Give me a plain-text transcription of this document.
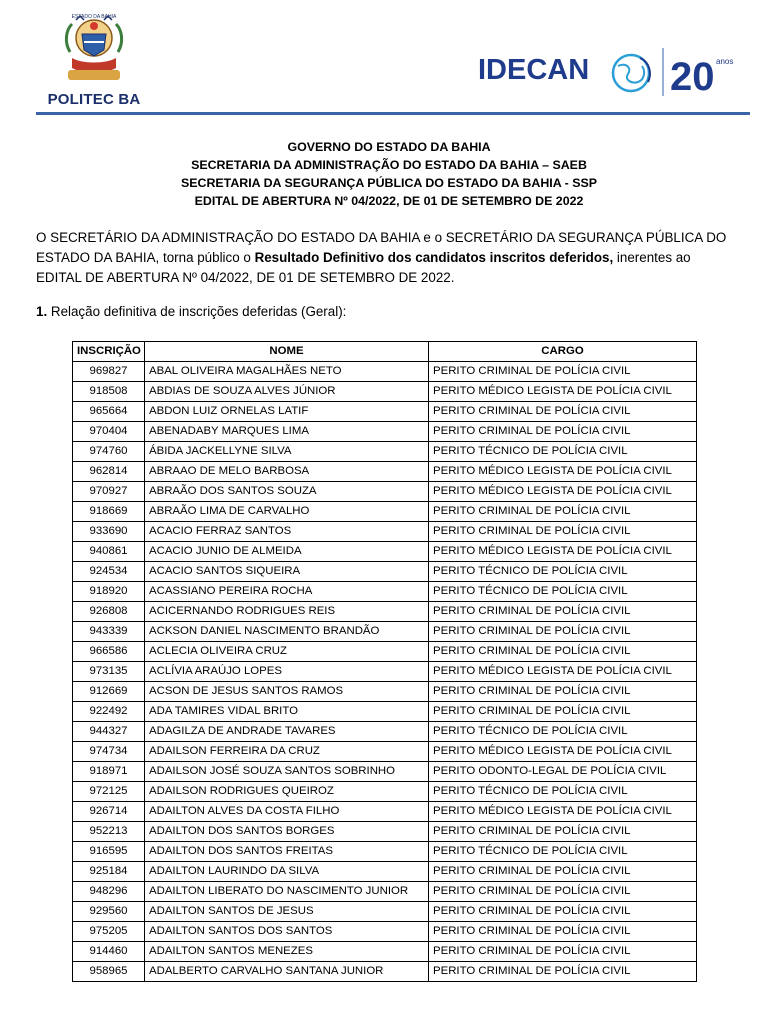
ESTADO DA BAHIA
POLITEC BA
IDECAN 20 anos
GOVERNO DO ESTADO DA BAHIA
SECRETARIA DA ADMINISTRAÇÃO DO ESTADO DA BAHIA – SAEB
SECRETARIA DA SEGURANÇA PÚBLICA DO ESTADO DA BAHIA - SSP
EDITAL DE ABERTURA Nº 04/2022, DE 01 DE SETEMBRO DE 2022
O SECRETÁRIO DA ADMINISTRAÇÃO DO ESTADO DA BAHIA e o SECRETÁRIO DA SEGURANÇA PÚBLICA DO ESTADO DA BAHIA, torna público o Resultado Definitivo dos candidatos inscritos deferidos, inerentes ao EDITAL DE ABERTURA Nº 04/2022, DE 01 DE SETEMBRO DE 2022.
1. Relação definitiva de inscrições deferidas (Geral):
INSCRIÇÃO	NOME	CARGO
969827	ABAL OLIVEIRA MAGALHÃES NETO	PERITO CRIMINAL DE POLÍCIA CIVIL
918508	ABDIAS DE SOUZA ALVES JÚNIOR	PERITO MÉDICO LEGISTA DE POLÍCIA CIVIL
965664	ABDON LUIZ ORNELAS LATIF	PERITO CRIMINAL DE POLÍCIA CIVIL
970404	ABENADABY MARQUES LIMA	PERITO CRIMINAL DE POLÍCIA CIVIL
974760	ÁBIDA JACKELLYNE SILVA	PERITO TÉCNICO DE POLÍCIA CIVIL
962814	ABRAAO DE MELO BARBOSA	PERITO MÉDICO LEGISTA DE POLÍCIA CIVIL
970927	ABRAÃO DOS SANTOS SOUZA	PERITO MÉDICO LEGISTA DE POLÍCIA CIVIL
918669	ABRAÃO LIMA DE CARVALHO	PERITO CRIMINAL DE POLÍCIA CIVIL
933690	ACACIO FERRAZ SANTOS	PERITO CRIMINAL DE POLÍCIA CIVIL
940861	ACACIO JUNIO DE ALMEIDA	PERITO MÉDICO LEGISTA DE POLÍCIA CIVIL
924534	ACACIO SANTOS SIQUEIRA	PERITO TÉCNICO DE POLÍCIA CIVIL
918920	ACASSIANO PEREIRA ROCHA	PERITO TÉCNICO DE POLÍCIA CIVIL
926808	ACICERNANDO RODRIGUES REIS	PERITO CRIMINAL DE POLÍCIA CIVIL
943339	ACKSON DANIEL NASCIMENTO BRANDÃO	PERITO CRIMINAL DE POLÍCIA CIVIL
966586	ACLECIA OLIVEIRA CRUZ	PERITO CRIMINAL DE POLÍCIA CIVIL
973135	ACLÍVIA ARAÚJO LOPES	PERITO MÉDICO LEGISTA DE POLÍCIA CIVIL
912669	ACSON DE JESUS SANTOS RAMOS	PERITO CRIMINAL DE POLÍCIA CIVIL
922492	ADA TAMIRES VIDAL BRITO	PERITO CRIMINAL DE POLÍCIA CIVIL
944327	ADAGILZA DE ANDRADE TAVARES	PERITO TÉCNICO DE POLÍCIA CIVIL
974734	ADAILSON FERREIRA DA CRUZ	PERITO MÉDICO LEGISTA DE POLÍCIA CIVIL
918971	ADAILSON JOSÉ SOUZA SANTOS SOBRINHO	PERITO ODONTO-LEGAL DE POLÍCIA CIVIL
972125	ADAILSON RODRIGUES QUEIROZ	PERITO TÉCNICO DE POLÍCIA CIVIL
926714	ADAILTON ALVES DA COSTA FILHO	PERITO MÉDICO LEGISTA DE POLÍCIA CIVIL
952213	ADAILTON DOS SANTOS BORGES	PERITO CRIMINAL DE POLÍCIA CIVIL
916595	ADAILTON DOS SANTOS FREITAS	PERITO TÉCNICO DE POLÍCIA CIVIL
925184	ADAILTON LAURINDO DA SILVA	PERITO CRIMINAL DE POLÍCIA CIVIL
948296	ADAILTON LIBERATO DO NASCIMENTO JUNIOR	PERITO CRIMINAL DE POLÍCIA CIVIL
929560	ADAILTON SANTOS DE JESUS	PERITO CRIMINAL DE POLÍCIA CIVIL
975205	ADAILTON SANTOS DOS SANTOS	PERITO CRIMINAL DE POLÍCIA CIVIL
914460	ADAILTON SANTOS MENEZES	PERITO CRIMINAL DE POLÍCIA CIVIL
958965	ADALBERTO CARVALHO SANTANA JUNIOR	PERITO CRIMINAL DE POLÍCIA CIVIL
